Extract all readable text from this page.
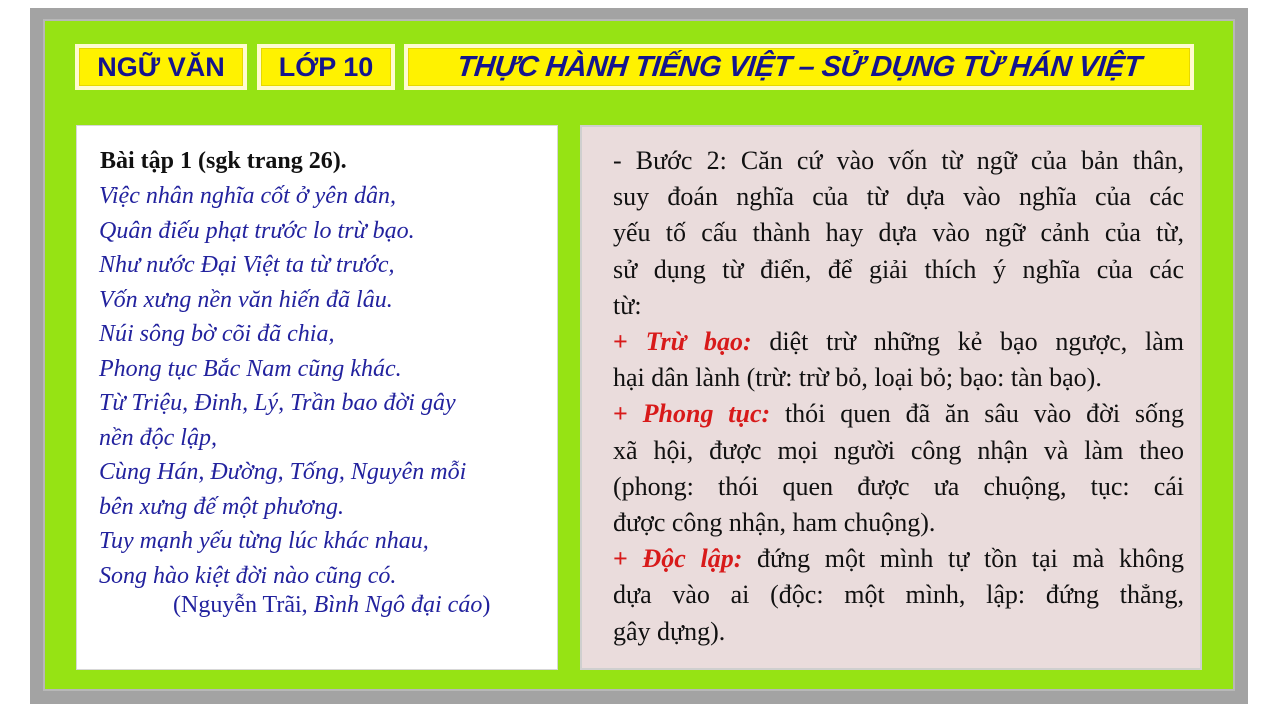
NGỮ VĂN LỚP 10	THỰC HÀNH TIẾNG VIỆT – SỬ DỤNG TỪ HÁN VIỆT
Bài tập 1 (sgk trang 26).
Việc nhân nghĩa cốt ở yên dân,
Quân điếu phạt trước lo trừ bạo.
Như nước Đại Việt ta từ trước,
Vốn xưng nền văn hiến đã lâu.
Núi sông bờ cõi đã chia,
Phong tục Bắc Nam cũng khác.
Từ Triệu, Đinh, Lý, Trần bao đời gây
nền độc lập,
Cùng Hán, Đường, Tống, Nguyên mỗi
bên xưng đế một phương.
Tuy mạnh yếu từng lúc khác nhau,
Song hào kiệt đời nào cũng có.
(Nguyễn Trãi, Bình Ngô đại cáo)
- Bước 2: Căn cứ vào vốn từ ngữ của bản thân,
suy đoán nghĩa của từ dựa vào nghĩa của các
yếu tố cấu thành hay dựa vào ngữ cảnh của từ,
sử dụng từ điển, để giải thích ý nghĩa của các
từ:
+ Trừ bạo: diệt trừ những kẻ bạo ngược, làm
hại dân lành (trừ: trừ bỏ, loại bỏ; bạo: tàn bạo).
+ Phong tục: thói quen đã ăn sâu vào đời sống
xã hội, được mọi người công nhận và làm theo
(phong: thói quen được ưa chuộng, tục: cái
được công nhận, ham chuộng).
+ Độc lập: đứng một mình tự tồn tại mà không
dựa vào ai (độc: một mình, lập: đứng thẳng,
gây dựng).
